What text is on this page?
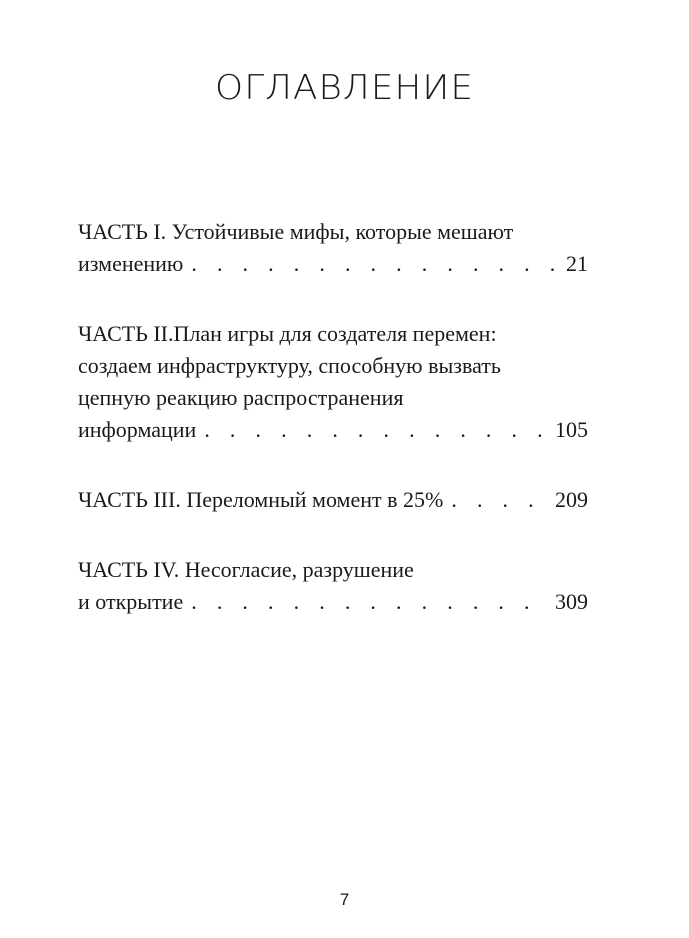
ОГЛАВЛЕНИЕ
ЧАСТЬ I. Устойчивые мифы, которые мешают
изменению . . .	21
ЧАСТЬ II.План игры для создателя перемен:
создаем инфраструктуру, способную вызвать
цепную реакцию распространения
информации . . .	105
ЧАСТЬ III. Переломный момент в 25% . . .	209
ЧАСТЬ IV. Несогласие, разрушение
и открытие . . .	309
7
